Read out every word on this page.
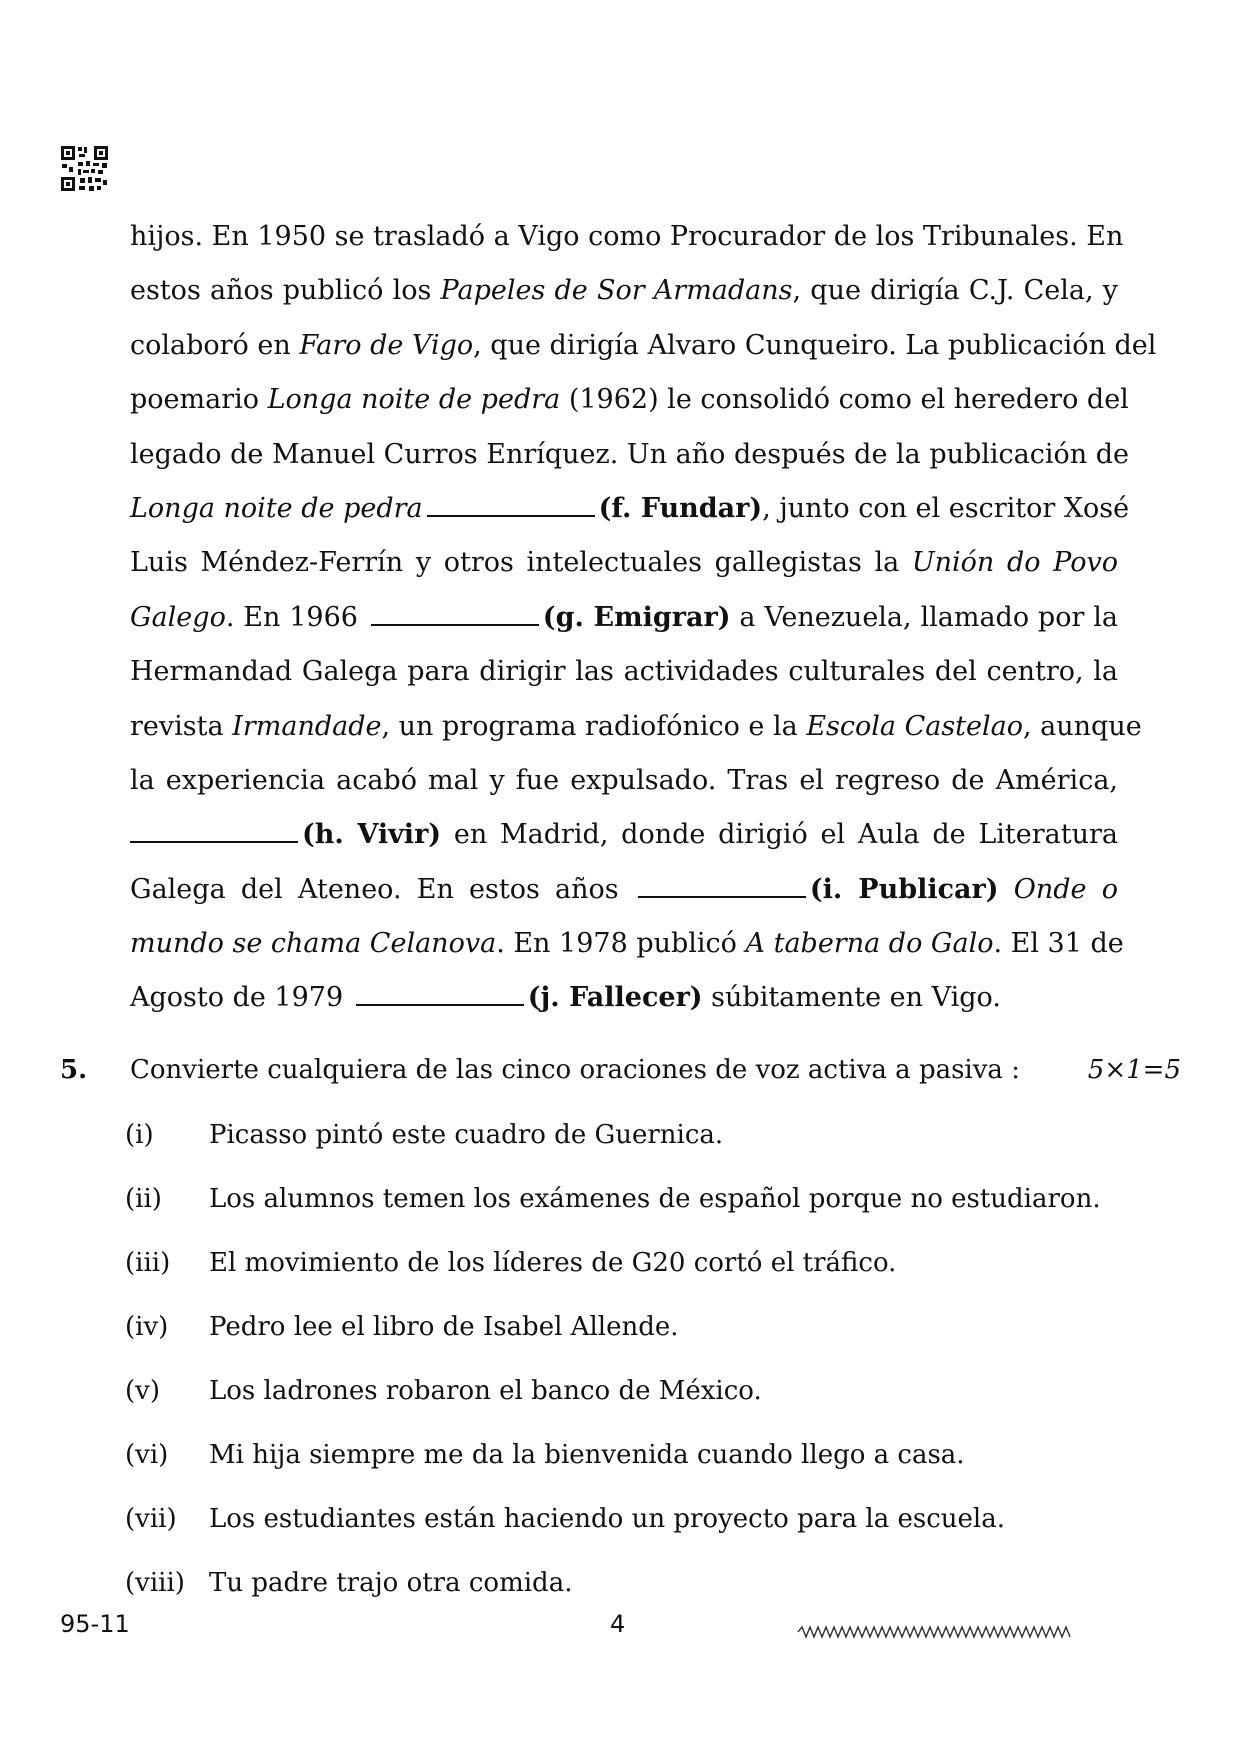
hijos. En 1950 se trasladó a Vigo como Procurador de los Tribunales. En
estos años publicó los Papeles de Sor Armadans, que dirigía C.J. Cela, y
colaboró en Faro de Vigo, que dirigía Alvaro Cunqueiro. La publicación del
poemario Longa noite de pedra (1962) le consolidó como el heredero del
legado de Manuel Curros Enríquez. Un año después de la publicación de
Longa noite de pedra	(f. Fundar), junto con el escritor Xosé
Luis Méndez-Ferrín y otros intelectuales gallegistas la Unión do Povo
Galego. En 1966	(g. Emigrar) a Venezuela, llamado por la
Hermandad Galega para dirigir las actividades culturales del centro, la
revista Irmandade, un programa radiofónico e la Escola Castelao, aunque
la experiencia acabó mal y fue expulsado. Tras el regreso de América,
(h. Vivir) en Madrid, donde dirigió el Aula de Literatura
Galega del Ateneo. En estos años	(i. Publicar) Onde o
mundo se chama Celanova. En 1978 publicó A taberna do Galo. El 31 de
Agosto de 1979	(j. Fallecer) súbitamente en Vigo.
5. Convierte cualquiera de las cinco oraciones de voz activa a pasiva :	5×1=5
(i)	Picasso pintó este cuadro de Guernica.
(ii)	Los alumnos temen los exámenes de español porque no estudiaron.
(iii)	El movimiento de los líderes de G20 cortó el tráfico.
(iv)	Pedro lee el libro de Isabel Allende.
(v)	Los ladrones robaron el banco de México.
(vi)	Mi hija siempre me da la bienvenida cuando llego a casa.
(vii)	Los estudiantes están haciendo un proyecto para la escuela.
(viii) Tu padre trajo otra comida.
95-11	4
